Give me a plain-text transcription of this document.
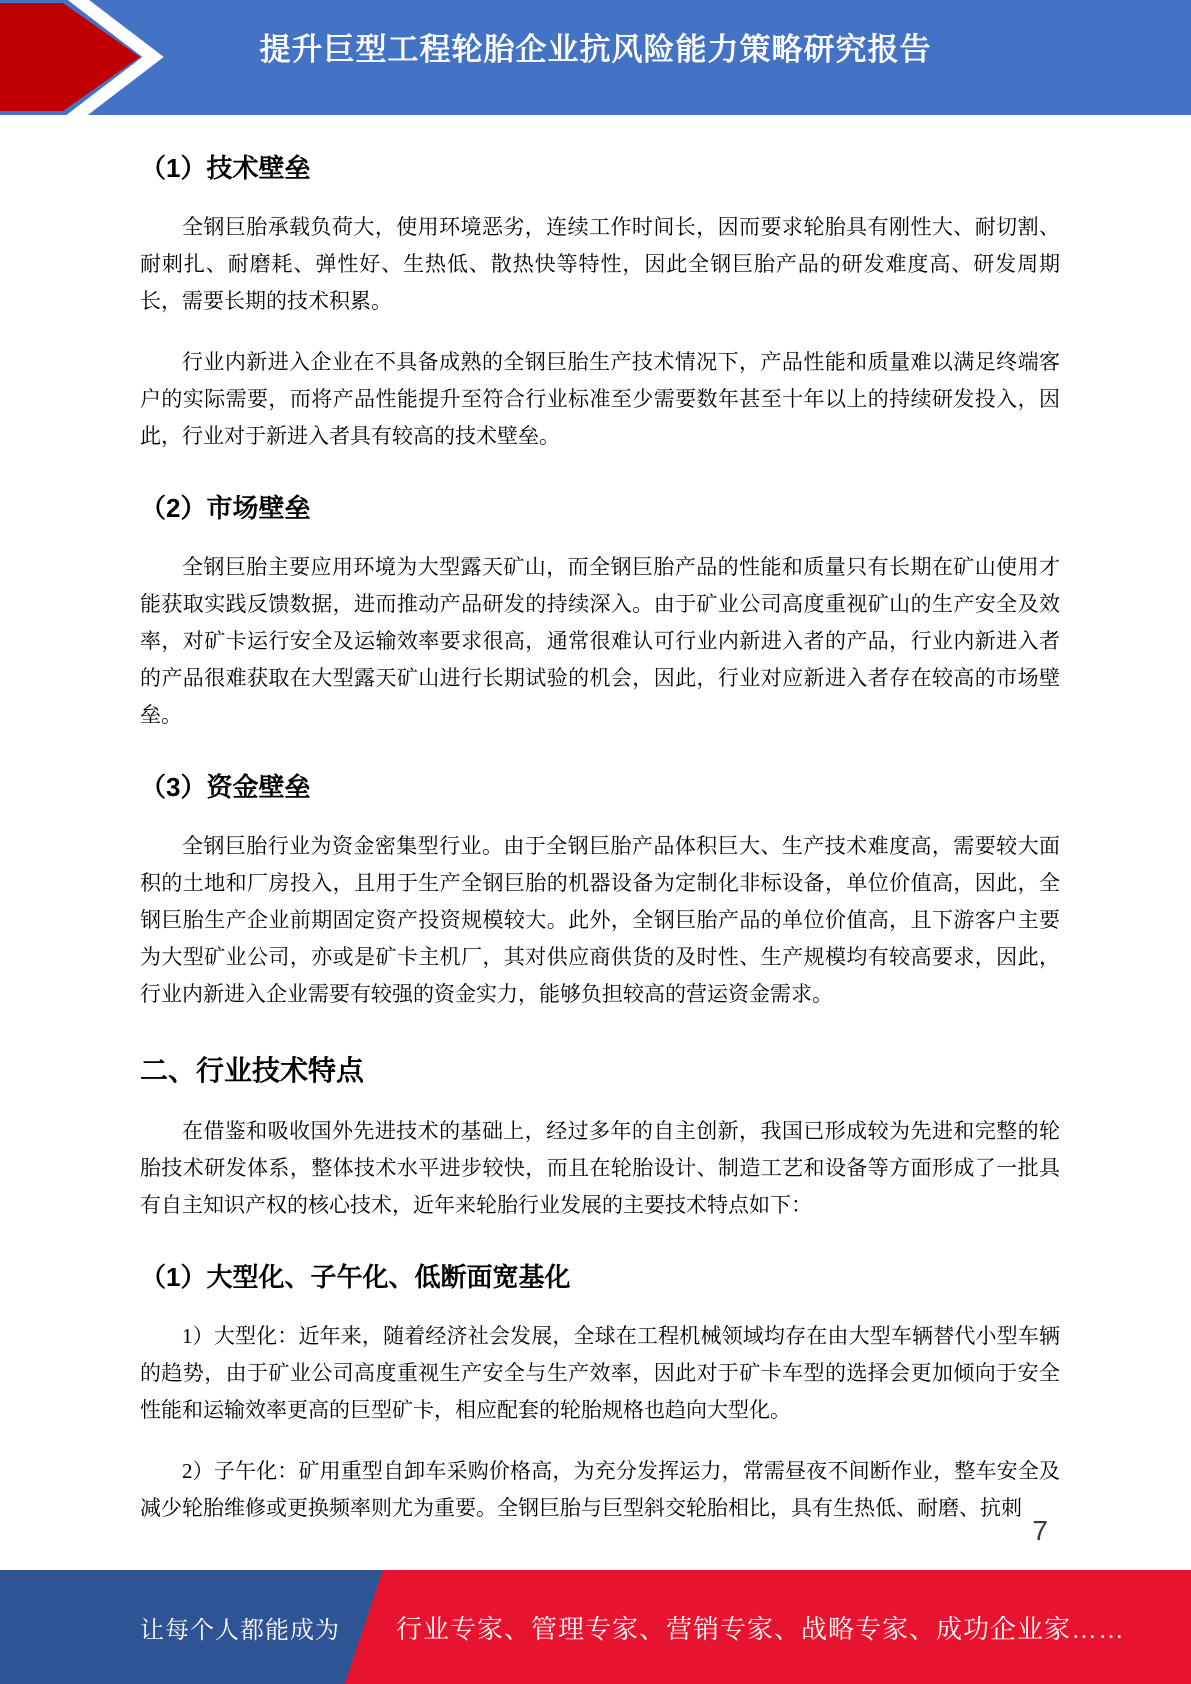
提升巨型工程轮胎企业抗风险能力策略研究报告
（1）技术壁垒

全钢巨胎承载负荷大，使用环境恶劣，连续工作时间长，因而要求轮胎具有刚性大、耐切割、耐刺扎、耐磨耗、弹性好、生热低、散热快等特性，因此全钢巨胎产品的研发难度高、研发周期长，需要长期的技术积累。

行业内新进入企业在不具备成熟的全钢巨胎生产技术情况下，产品性能和质量难以满足终端客户的实际需要，而将产品性能提升至符合行业标准至少需要数年甚至十年以上的持续研发投入，因此，行业对于新进入者具有较高的技术壁垒。

（2）市场壁垒

全钢巨胎主要应用环境为大型露天矿山，而全钢巨胎产品的性能和质量只有长期在矿山使用才能获取实践反馈数据，进而推动产品研发的持续深入。由于矿业公司高度重视矿山的生产安全及效率，对矿卡运行安全及运输效率要求很高，通常很难认可行业内新进入者的产品，行业内新进入者的产品很难获取在大型露天矿山进行长期试验的机会，因此，行业对应新进入者存在较高的市场壁垒。

（3）资金壁垒

全钢巨胎行业为资金密集型行业。由于全钢巨胎产品体积巨大、生产技术难度高，需要较大面积的土地和厂房投入，且用于生产全钢巨胎的机器设备为定制化非标设备，单位价值高，因此，全钢巨胎生产企业前期固定资产投资规模较大。此外，全钢巨胎产品的单位价值高，且下游客户主要为大型矿业公司，亦或是矿卡主机厂，其对供应商供货的及时性、生产规模均有较高要求，因此，行业内新进入企业需要有较强的资金实力，能够负担较高的营运资金需求。

二、行业技术特点

在借鉴和吸收国外先进技术的基础上，经过多年的自主创新，我国已形成较为先进和完整的轮胎技术研发体系，整体技术水平进步较快，而且在轮胎设计、制造工艺和设备等方面形成了一批具有自主知识产权的核心技术，近年来轮胎行业发展的主要技术特点如下：

（1）大型化、子午化、低断面宽基化

1）大型化：近年来，随着经济社会发展，全球在工程机械领域均存在由大型车辆替代小型车辆的趋势，由于矿业公司高度重视生产安全与生产效率，因此对于矿卡车型的选择会更加倾向于安全性能和运输效率更高的巨型矿卡，相应配套的轮胎规格也趋向大型化。

2）子午化：矿用重型自卸车采购价格高，为充分发挥运力，常需昼夜不间断作业，整车安全及减少轮胎维修或更换频率则尤为重要。全钢巨胎与巨型斜交轮胎相比，具有生热低、耐磨、抗刺

7
让每个人都能成为 行业专家、管理专家、营销专家、战略专家、成功企业家……
